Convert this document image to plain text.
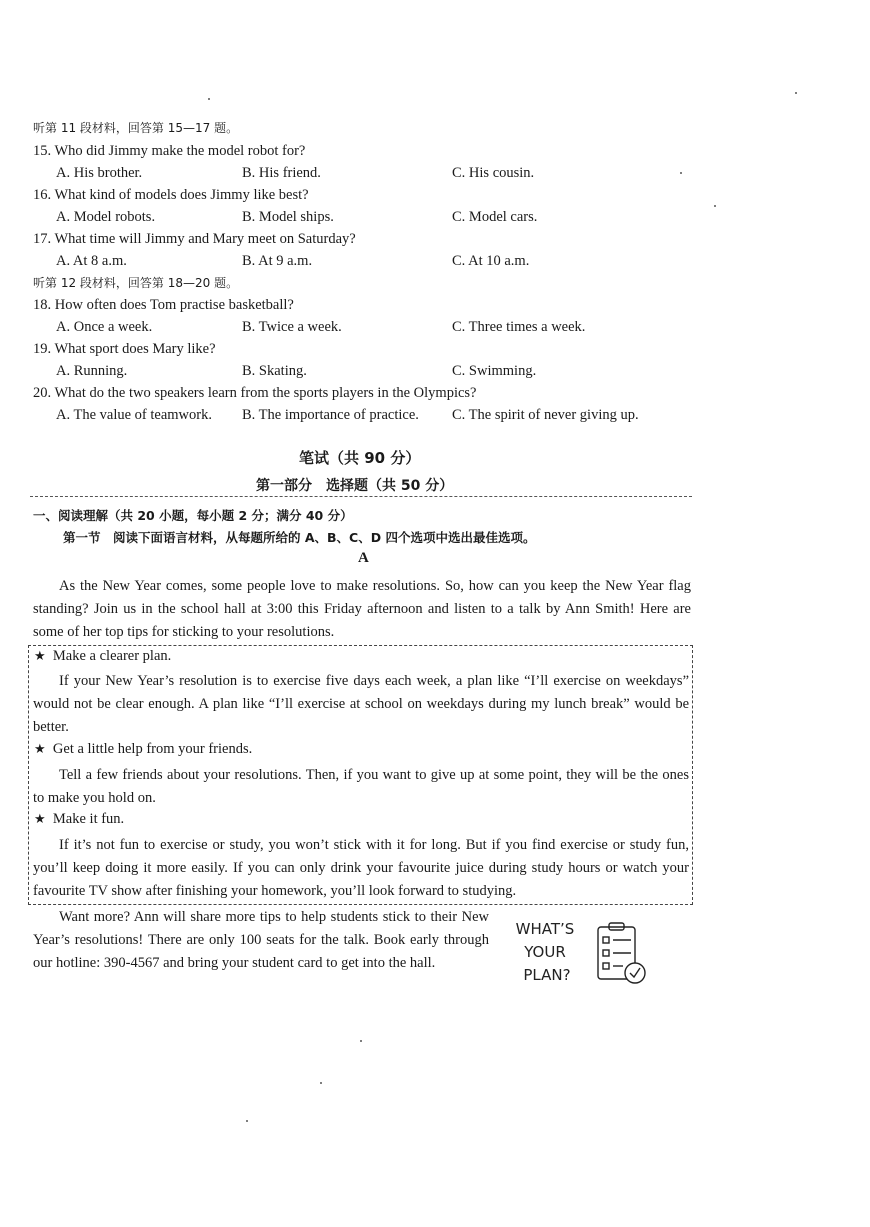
听第 11 段材料，回答第 15—17 题。
15. Who did Jimmy make the model robot for?
A. His brother.	B. His friend.	C. His cousin.
16. What kind of models does Jimmy like best?
A. Model robots.	B. Model ships.	C. Model cars.
17. What time will Jimmy and Mary meet on Saturday?
A. At 8 a.m.	B. At 9 a.m.	C. At 10 a.m.
听第 12 段材料，回答第 18—20 题。
18. How often does Tom practise basketball?
A. Once a week.	B. Twice a week.	C. Three times a week.
19. What sport does Mary like?
A. Running.	B. Skating.	C. Swimming.
20. What do the two speakers learn from the sports players in the Olympics?
A. The value of teamwork. B. The importance of practice. C. The spirit of never giving up.
笔试（共 90 分）
第一部分　选择题（共 50 分）
一、阅读理解（共 20 小题，每小题 2 分；满分 40 分）
第一节　阅读下面语言材料，从每题所给的 A、B、C、D 四个选项中选出最佳选项。
A
As the New Year comes, some people love to make resolutions. So, how can you keep the New Year flag standing? Join us in the school hall at 3:00 this Friday afternoon and listen to a talk by Ann Smith! Here are some of her top tips for sticking to your resolutions.
★ Make a clearer plan.
If your New Year’s resolution is to exercise five days each week, a plan like “I’ll exercise on weekdays” would not be clear enough. A plan like “I’ll exercise at school on weekdays during my lunch break” would be better.
★ Get a little help from your friends.
Tell a few friends about your resolutions. Then, if you want to give up at some point, they will be the ones to make you hold on.
★ Make it fun.
If it’s not fun to exercise or study, you won’t stick with it for long. But if you find exercise or study fun, you’ll keep doing it more easily. If you can only drink your favourite juice during study hours or watch your favourite TV show after finishing your homework, you’ll look forward to studying.
Want more? Ann will share more tips to help students stick to their New Year’s resolutions! There are only 100 seats for the talk. Book early through our hotline: 390-4567 and bring your student card to get into the hall.
WHAT’S
YOUR
PLAN?
